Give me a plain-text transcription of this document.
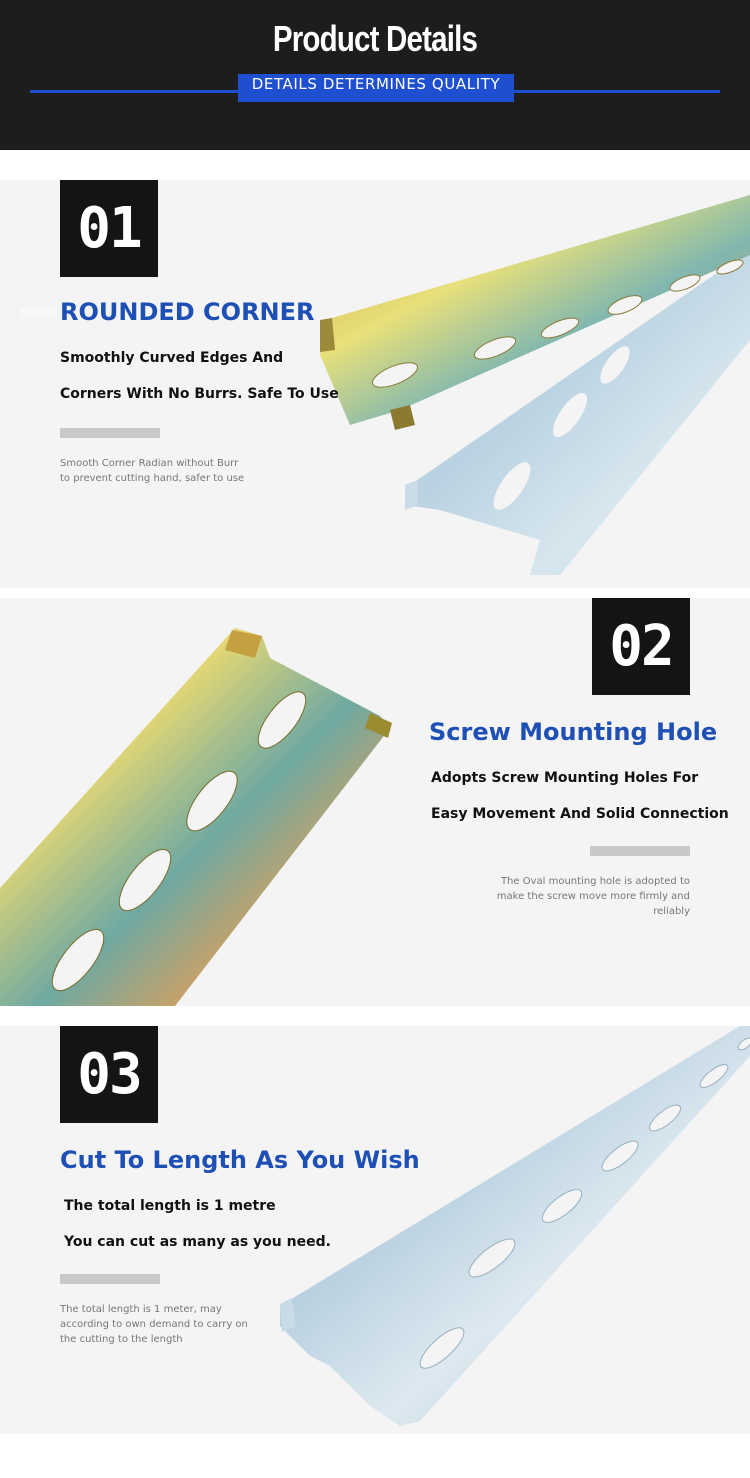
Product Details
DETAILS DETERMINES QUALITY
01
round ROUNDED CORNER
Smoothly Curved Edges And
Corners With No Burrs. Safe To Use
Smooth Corner Radian without Burr
to prevent cutting hand, safer to use
02
Screw Mounting Hole
Adopts Screw Mounting Holes For
Easy Movement And Solid Connection
The Oval mounting hole is adopted to
make the screw move more firmly and
reliably
03
Cut To Length As You Wish
The total length is 1 metre
You can cut as many as you need.
The total length is 1 meter, may
according to own demand to carry on
the cutting to the length
